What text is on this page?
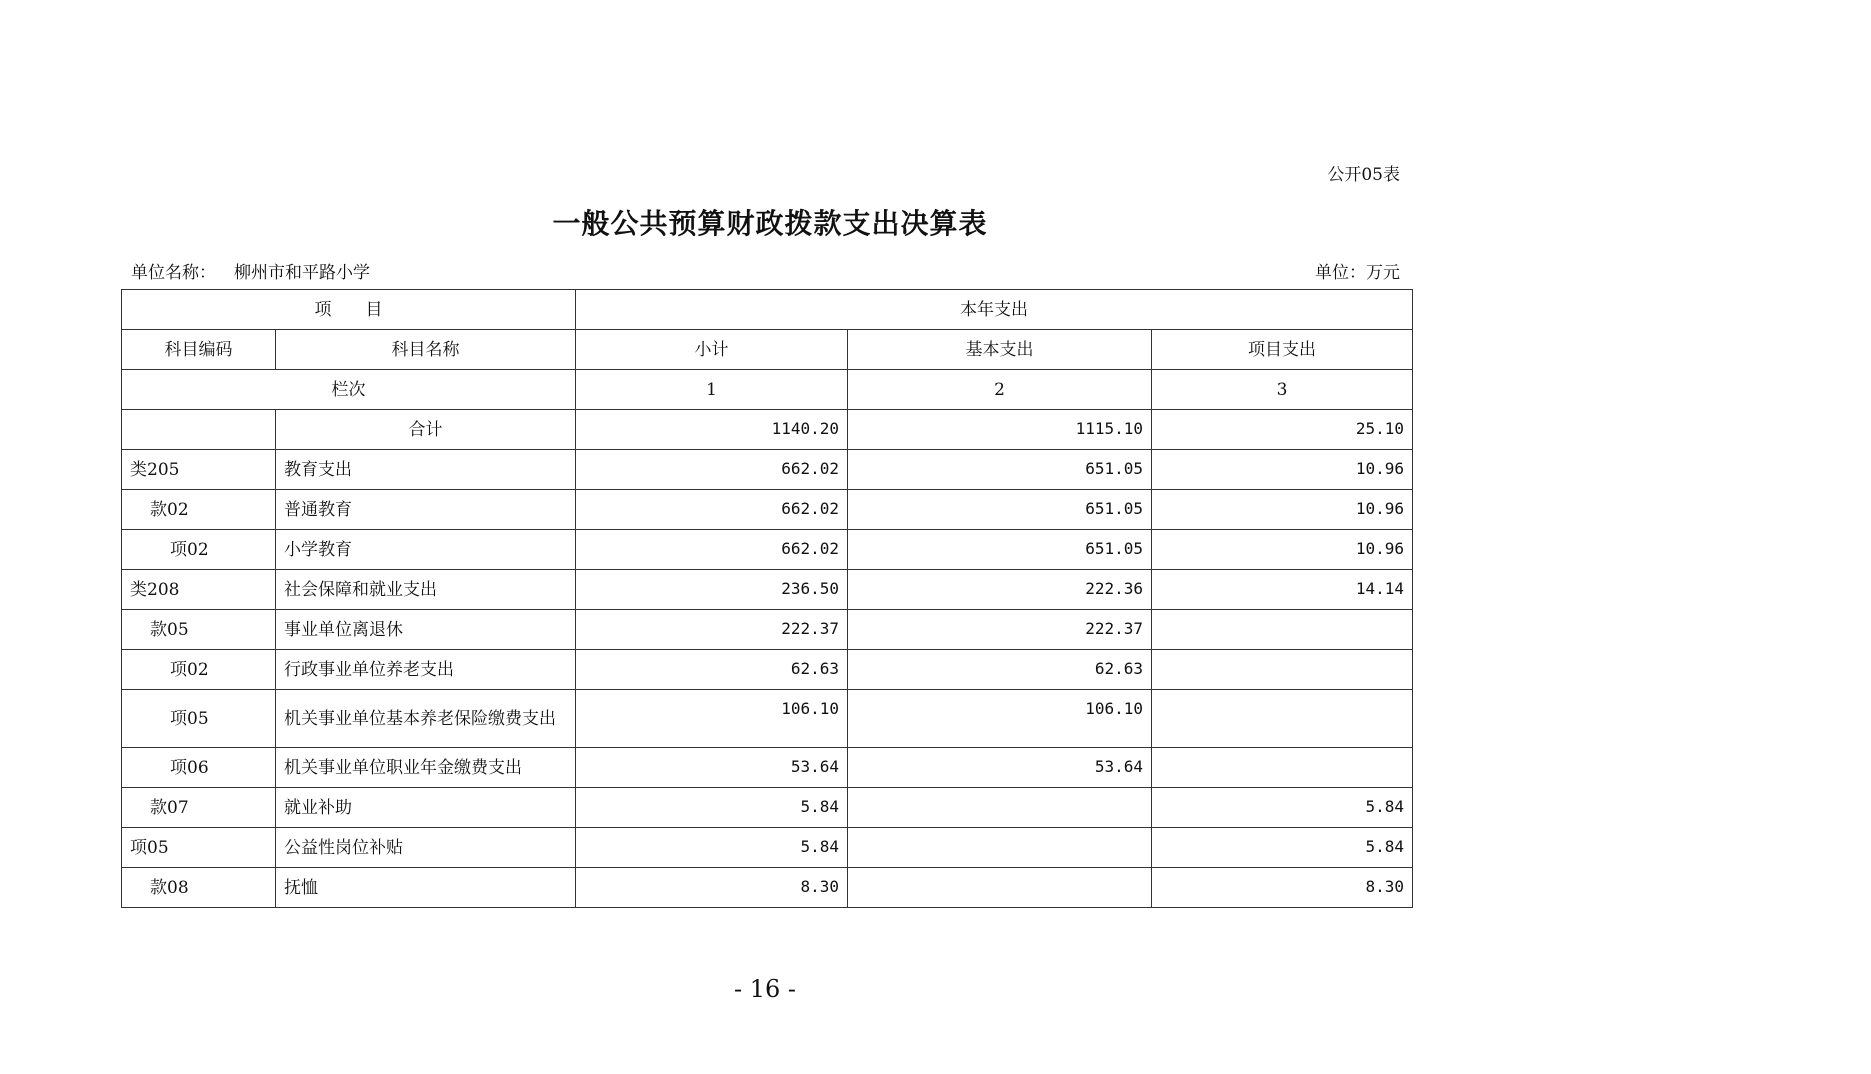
公开05表
一般公共预算财政拨款支出决算表
单位名称： 柳州市和平路小学	单位：万元
项　　目		本年支出		
科目编码	科目名称	小计	基本支出	项目支出
栏次		1	2	3
	合计	1140.20	1115.10	25.10
类205	教育支出	662.02	651.05	10.96
款02	普通教育	662.02	651.05	10.96
项02	小学教育	662.02	651.05	10.96
类208	社会保障和就业支出	236.50	222.36	14.14
款05	事业单位离退休	222.37	222.37	
项02	行政事业单位养老支出	62.63	62.63	
项05	机关事业单位基本养老保险缴费支出	106.10	106.10	
项06	机关事业单位职业年金缴费支出	53.64	53.64	
款07	就业补助	5.84		5.84
项05	公益性岗位补贴	5.84		5.84
款08	抚恤	8.30		8.30
- 16 -
